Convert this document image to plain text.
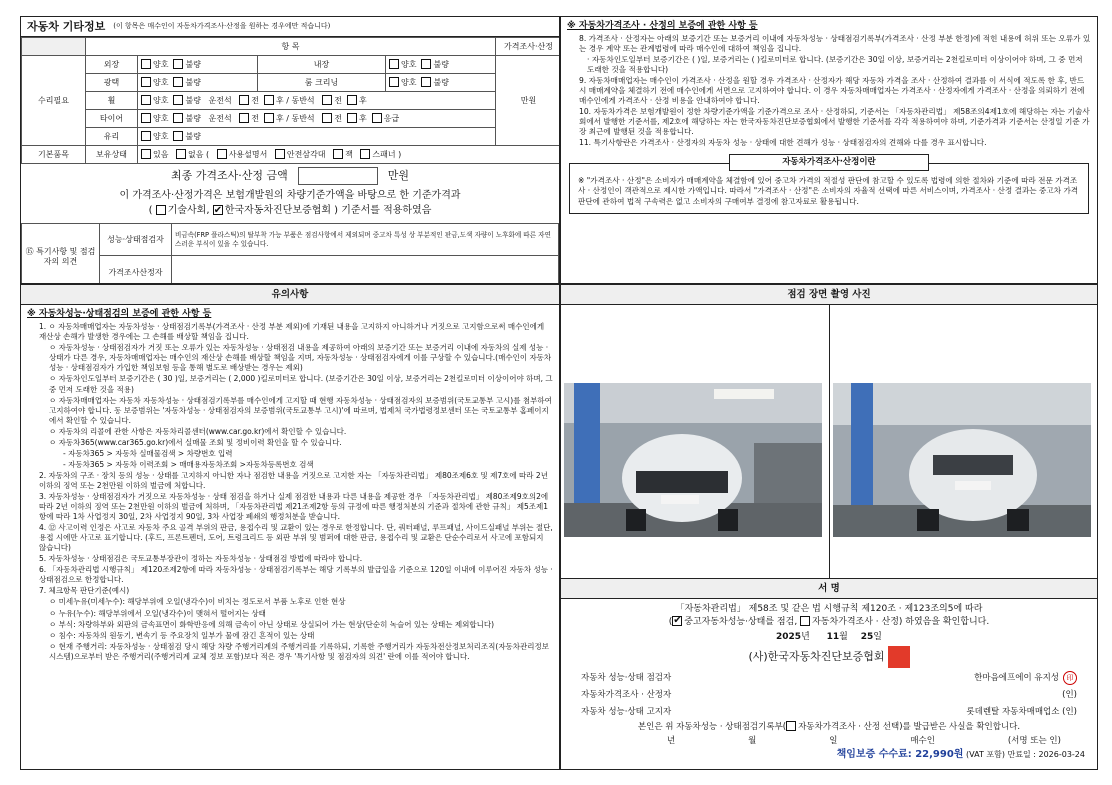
자동차 기타정보 (이 항목은 매수인이 자동차가격조사·산정을 원하는 경우에만 적습니다)
	항 목				가격조사·산정
수리필요	외장	양호 불량	내장	양호 불량	만원
	광택	양호 불량	룸 크리닝	양호 불량	
	휠	양호 불량 운전석 전 후 / 동반석 전 후			
	타이어	양호 불량 운전석 전 후 / 동반석 전 후 응급			
	유리	양호 불량			
기본품목	보유상태	있음 없음 ( 사용설명서 안전삼각대 잭 스패너 )			
최종 가격조사·산정 금액	만원
이 가격조사·산정가격은 보험개발원의 차량기준가액을 바탕으로 한 기준가격과
( 기술사회, ✔ 한국자동차진단보증협회 ) 기준서를 적용하였음
⑮ 특기사항 및 점검자의 의견	성능·상태점검자	비금속(FRP 플라스틱)의 탈부착 가능 부품은 점검사항에서 제외되며 중고차 특성 상 부분적인 판금,도색 자량이 노후화에 따른 자연스러운 부식이 있을 수 있습니다.
	가격조사산정자	
※ 자동차가격조사 · 산정의 보증에 관한 사항 등
8. 가격조사 · 산정자는 아래의 보증기간 또는 보증거리 이내에 자동차성능 · 상태점검기록부(가격조사 · 산정 부분 한정)에 적힌 내용에 허위 또는 오류가 있는 경우 계약 또는 관계법령에 따라 매수인에 대하여 책임을 집니다.
· 자동차인도일부터 보증기간은 ( )일, 보증거리는 ( )킬로미터로 합니다. (보증기간은 30일 이상, 보증거리는 2천킬로미터 이상이어야 하며, 그 중 먼저 도래한 것을 적용합니다)
9. 자동차매매업자는 매수인이 가격조사 · 산정을 원할 경우 가격조사 · 산정자가 해당 자동차 가격을 조사 · 산정하여 결과를 이 서식에 적도록 한 후, 반드시 매매계약을 체결하기 전에 매수인에게 서면으로 고지하여야 합니다. 이 경우 자동차매매업자는 가격조사 · 산정자에게 가격조사 · 산정을 의뢰하기 전에 매수인에게 가격조사 · 산정 비용을 안내하여야 합니다.
10. 자동차가격은 보험개발원이 정한 차량기준가액을 기준가격으로 조사 · 산정하되, 기준서는 「자동차관리법」 제58조의4제1호에 해당하는 자는 기술사회에서 발행한 기준서를, 제2호에 해당하는 자는 한국자동차진단보증협회에서 발행한 기준서를 각각 적용하여야 하며, 기준가격과 기준서는 산정일 기준 가장 최근에 발행된 것을 적용합니다.
11. 특기사항란은 가격조사 · 산정자의 자동차 성능 · 상태에 대한 견해가 성능 · 상태점검자의 견해와 다를 경우 표시합니다.
자동차가격조사·산정이란
※ "가격조사 · 산정"은 소비자가 매매계약을 체결함에 있어 중고차 가격의 적절성 판단에 참고할 수 있도록 법령에 의한 절차와 기준에 따라 전문 가격조사 · 산정인이 객관적으로 제시한 가액입니다. 따라서 "가격조사 · 산정"은 소비자의 자율적 선택에 따른 서비스이며, 가격조사 · 산정 결과는 중고차 가격판단에 관하여 법적 구속력은 없고 소비자의 구매여부 결정에 참고자료로 활용됩니다.
유의사항
※ 자동차성능·상태점검의 보증에 관한 사항 등
1. ㅇ 자동차매매업자는 자동차성능 · 상태점검기록부(가격조사 · 산정 부분 제외)에 기재된 내용을 고지하지 아니하거나 거짓으로 고지함으로써 매수인에게 재산상 손해가 발생한 경우에는 그 손해를 배상할 책임을 집니다.
ㅇ 자동차성능 · 상태점검자가 거짓 또는 오류가 있는 자동차성능 · 상태점검 내용을 제공하여 아래의 보증기간 또는 보증거리 이내에 자동차의 실제 성능 · 상태가 다른 경우, 자동차매매업자는 매수인의 재산상 손해를 배상할 책임을 지며, 자동차성능 · 상태점검자에게 이를 구상할 수 있습니다.(매수인이 자동차성능 · 상태점검자가 가입한 책임보험 등을 통해 별도로 배상받는 경우는 제외)
ㅇ 자동차인도일부터 보증기간은 ( 30 )일, 보증거리는 ( 2,000 )킬로미터로 합니다. (보증기간은 30일 이상, 보증거리는 2천킬로미터 이상이어야 하며, 그 중 먼저 도래한 것을 적용)
ㅇ 자동차매매업자는 자동차 자동차성능 · 상태점검기록부를 매수인에게 고지할 때 현행 자동차성능 · 상태점검자의 보증범위(국토교통부 고시)를 첨부하여 고지하여야 합니다. 동 보증범위는 '자동차성능 · 상태점검자의 보증범위(국토교통부 고시)'에 따르며, 법제처 국가법령정보센터 또는 국토교통부 홈페이지에서 확인할 수 있습니다.
ㅇ 자동차의 리콜에 관한 사항은 자동차리콜센터(www.car.go.kr)에서 확인할 수 있습니다.
ㅇ 자동차365(www.car365.go.kr)에서 실매물 조회 및 정비이력 확인을 할 수 있습니다.
- 자동차365 > 자동차 실매물검색 > 차량번호 입력
- 자동차365 > 자동차 이력조회 > 매매용자동차조회 >자동차등록번호 검색
2. 자동차의 구조 · 장치 등의 성능 · 상태를 고지하지 아니한 자나 점검한 내용을 거짓으로 고지한 자는 「자동차관리법」 제80조제6호 및 제7호에 따라 2년 이하의 징역 또는 2천만원 이하의 벌금에 처합니다.
3. 자동차성능 · 상태점검자가 거짓으로 자동차성능 · 상태 점검을 하거나 실제 점검한 내용과 다른 내용을 제공한 경우 「자동차관리법」 제80조제9호의2에 따라 2년 이하의 징역 또는 2천만원 이하의 벌금에 처하며, 「자동차관리법 제21조제2항 등의 규정에 따른 행정처분의 기준과 절차에 관한 규칙」 제5조제1항에 따라 1차 사업정지 30일, 2차 사업정지 90일, 3차 사업장 폐쇄의 행정처분을 받습니다.
4. ⑫ 사고이력 인정은 사고로 자동차 주요 골격 부위의 판금, 용접수리 및 교환이 있는 경우로 한정합니다. 단, 쿼터패널, 루프패널, 사이드실패널 부위는 절단, 용접 시에만 사고로 표기합니다. (후드, 프론트펜더, 도어, 트렁크리드 등 외판 부위 및 범퍼에 대한 판금, 용접수리 및 교환은 단순수리로서 사고에 포함되지 않습니다)
5. 자동차성능 · 상태점검은 국토교통부장관이 정하는 자동차성능 · 상태점검 방법에 따라야 합니다.
6. 「자동차관리법 시행규칙」 제120조제2항에 따라 자동차성능 · 상태점검기록부는 해당 기록부의 발급일을 기준으로 120일 이내에 이루어진 자동차 성능 · 상태점검으로 한정합니다.
7. 체크항목 판단기준(예시)
ㅇ 미세누유(미세누수): 해당부위에 오일(냉각수)이 비치는 정도로서 부품 노후로 인한 현상
ㅇ 누유(누수): 해당부위에서 오일(냉각수)이 맺혀서 떨어지는 상태
ㅇ 부식: 차량하부와 외판의 금속표면이 화학반응에 의해 금속이 아닌 상태로 상실되어 가는 현상(단순히 녹슬어 있는 상태는 제외합니다)
ㅇ 침수: 자동차의 원동기, 변속기 등 주요장치 일부가 물에 잠긴 흔적이 있는 상태
ㅇ 현재 주행거리: 자동차성능 · 상태점검 당시 해당 차량 주행거리계의 주행거리를 기록하되, 기록한 주행거리가 자동차전산정보처리조직(자동차관리정보시스템)으로부터 받은 주행거리(주행거리계 교체 정보 포함)보다 적은 경우 '특기사항 및 점검자의 의견' 란에 이를 적어야 합니다.
점검 장면 촬영 사진
서 명
「자동차관리법」 제58조 및 같은 법 시행규칙 제120조 · 제123조의5에 따라
( ✔ 중고자동차성능·상태를 점검, 자동차가격조사 · 산정) 하였음을 확인합니다.
2025년 11월 25일
(사)한국자동차진단보증협회
자동차 성능·상태 점검자	한마음에프에이 유지성 印
자동차가격조사 · 산정자	(인)
자동차 성능·상태 고지자	롯데렌탈 자동차매매업소 (인)
본인은 위 자동차성능 · 상태점검기록부( 자동차가격조사 · 산정 선택)를 발급받은 사실을 확인합니다.
년	월	일	매수인	(서명 또는 인)
책임보증 수수료: 22,990원 (VAT 포함) 만료일 : 2026-03-24
